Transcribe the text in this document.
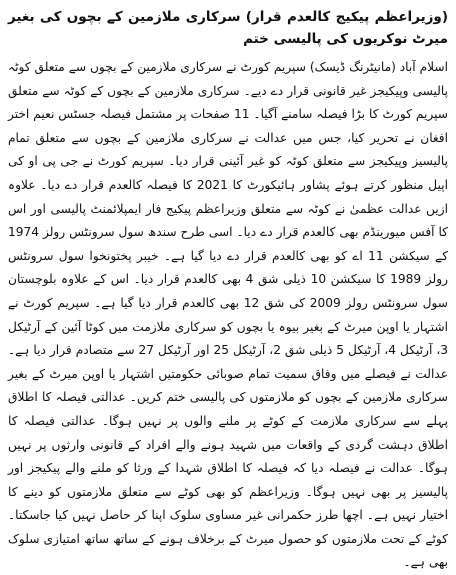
(وزیراعظم پیکیج کالعدم قرار) سرکاری ملازمین کے بچوں کی بغیر میرٹ نوکریوں کی پالیسی ختم

اسلام آباد (مانیٹرنگ ڈیسک) سپریم کورٹ نے سرکاری ملازمین کے بچوں سے متعلق کوٹہ پالیسی وپیکیجز غیر قانونی قرار دے دیے۔ سرکاری ملازمین کے بچوں کے کوٹہ سے متعلق سپریم کورٹ کا بڑا فیصلہ سامنے آگیا۔ 11 صفحات پر مشتمل فیصلہ جسٹس نعیم اختر افغان نے تحریر کیا، جس میں عدالت نے سرکاری ملازمین کے بچوں سے متعلق تمام پالیسیز وپیکیجز سے متعلق کوٹہ کو غیر آئینی قرار دیا۔ سپریم کورٹ نے جی پی او کی اپیل منظور کرتے ہوئے پشاور ہائیکورٹ کا 2021 کا فیصلہ کالعدم قرار دے دیا۔ علاوہ ازیں عدالت عظمیٰ نے کوٹہ سے متعلق وزیراعظم پیکیج فار ایمپلائمنٹ پالیسی اور اس کا آفس میورینڈم بھی کالعدم قرار دے دیا۔ اسی طرح سندھ سول سرونٹس رولز 1974 کے سیکشن 11 اے کو بھی کالعدم قرار دے دیا گیا ہے۔ خیبر پختونخوا سول سرونٹس رولز 1989 کا سیکشن 10 ذیلی شق 4 بھی کالعدم قرار دیا۔ اس کے علاوہ بلوچستان سول سرونٹس رولز 2009 کی شق 12 بھی کالعدم قرار دیا گیا ہے۔ سپریم کورٹ نے اشتہار یا اوپن میرٹ کے بغیر بیوہ یا بچوں کو سرکاری ملازمت میں کوٹا آئین کے آرٹیکل 3، آرٹیکل 4، آرٹیکل 5 ذیلی شق 2، آرٹیکل 25 اور آرٹیکل 27 سے متصادم قرار دیا ہے۔ عدالت نے فیصلے میں وفاق سمیت تمام صوبائی حکومتیں اشتہار یا اوپن میرٹ کے بغیر سرکاری ملازمین کے بچوں کو ملازمتوں کی پالیسی ختم کریں۔ عدالتی فیصلہ کا اطلاق پہلے سے سرکاری ملازمت کے کوٹے پر ملنے والوں پر نہیں ہوگا۔ عدالتی فیصلہ کا اطلاق دہشت گردی کے واقعات میں شہید ہونے والے افراد کے قانونی وارثوں پر نہیں ہوگا۔ عدالت نے فیصلہ دیا کہ فیصلہ کا اطلاق شہدا کے ورثا کو ملنے والے پیکیجز اور پالیسیز پر بھی نہیں ہوگا۔ وزیراعظم کو بھی کوٹے سے متعلق ملازمتوں کو دینے کا اختیار نہیں ہے۔ اچھا طرز حکمرانی غیر مساوی سلوک اپنا کر حاصل نہیں کیا جاسکتا۔ کوٹے کے تحت ملازمتوں کو حصول میرٹ کے برخلاف ہونے کے ساتھ ساتھ امتیازی سلوک بھی ہے۔
